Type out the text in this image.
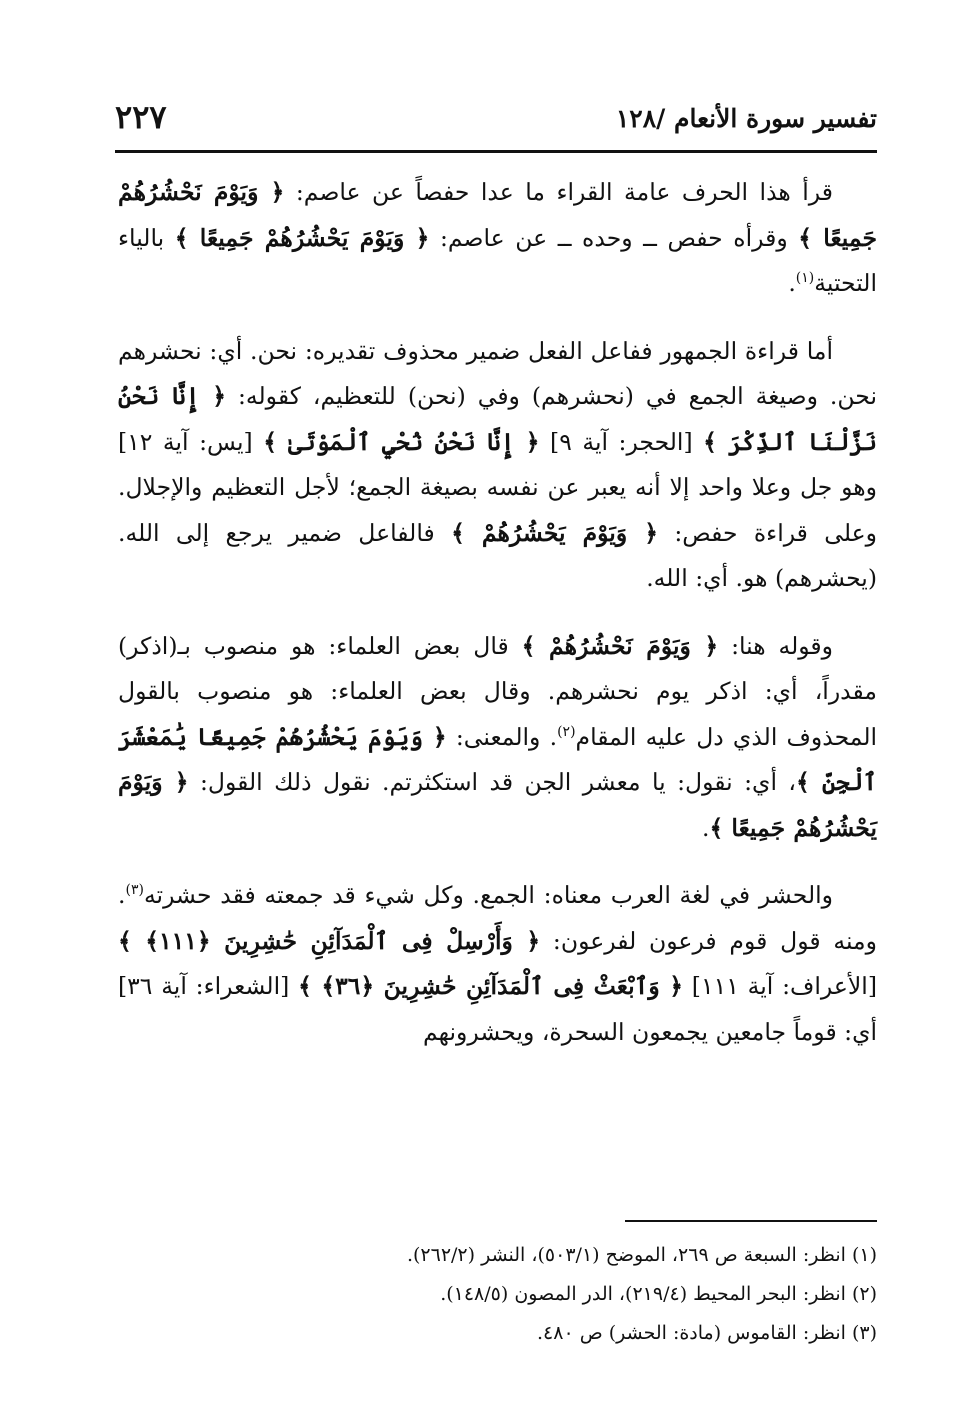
تفسير سورة الأنعام /١٢٨
٢٢٧

قرأ هذا الحرف عامة القراء ما عدا حفصاً عن عاصم: ﴿ وَيَوْمَ نَحْشُرُهُمْ جَمِيعًا ﴾ وقرأه حفص ــ وحده ــ عن عاصم: ﴿ وَيَوْمَ يَحْشُرُهُمْ جَمِيعًا ﴾ بالياء التحتية$^{(١)}$.

أما قراءة الجمهور ففاعل الفعل ضمير محذوف تقديره: نحن. أي: نحشرهم نحن. وصيغة الجمع في (نحشرهم) وفي (نحن) للتعظيم، كقوله: ﴿ إِنَّا نَحْنُ نَزَّلْنَا ٱلذِّكْرَ ﴾ [الحجر: آية ٩] ﴿ إِنَّا نَحْنُ نُحْيِ ٱلْمَوْتَىٰ ﴾ [يس: آية ١٢] وهو جل وعلا واحد إلا أنه يعبر عن نفسه بصيغة الجمع؛ لأجل التعظيم والإجلال. وعلى قراءة حفص: ﴿ وَيَوْمَ يَحْشُرُهُمْ ﴾ فالفاعل ضمير يرجع إلى الله. (يحشرهم) هو. أي: الله.

وقوله هنا: ﴿ وَيَوْمَ نَحْشُرُهُمْ ﴾ قال بعض العلماء: هو منصوب بـ(اذكر) مقدراً، أي: اذكر يوم نحشرهم. وقال بعض العلماء: هو منصوب بالقول المحذوف الذي دل عليه المقام$^{(٢)}$. والمعنى: ﴿ وَيَوْمَ يَحْشُرُهُمْ جَمِيعًا يَٰمَعْشَرَ ٱلْجِنِّ ﴾، أي: نقول: يا معشر الجن قد استكثرتم. نقول ذلك القول: ﴿ وَيَوْمَ يَحْشُرُهُمْ جَمِيعًا ﴾.

والحشر في لغة العرب معناه: الجمع. وكل شيء قد جمعته فقد حشرته$^{(٣)}$. ومنه قول قوم فرعون لفرعون: ﴿ وَأَرْسِلْ فِى ٱلْمَدَآئِنِ حَٰشِرِينَ ﴿١١١﴾ ﴾ [الأعراف: آية ١١١] ﴿ وَٱبْعَثْ فِى ٱلْمَدَآئِنِ حَٰشِرِينَ ﴿٣٦﴾ ﴾ [الشعراء: آية ٣٦] أي: قوماً جامعين يجمعون السحرة، ويحشرونهم

(١) انظر: السبعة ص ٢٦٩، الموضح (٥٠٣/١)، النشر (٢٦٢/٢).
(٢) انظر: البحر المحيط (٢١٩/٤)، الدر المصون (١٤٨/٥).
(٣) انظر: القاموس (مادة: الحشر) ص ٤٨٠.
